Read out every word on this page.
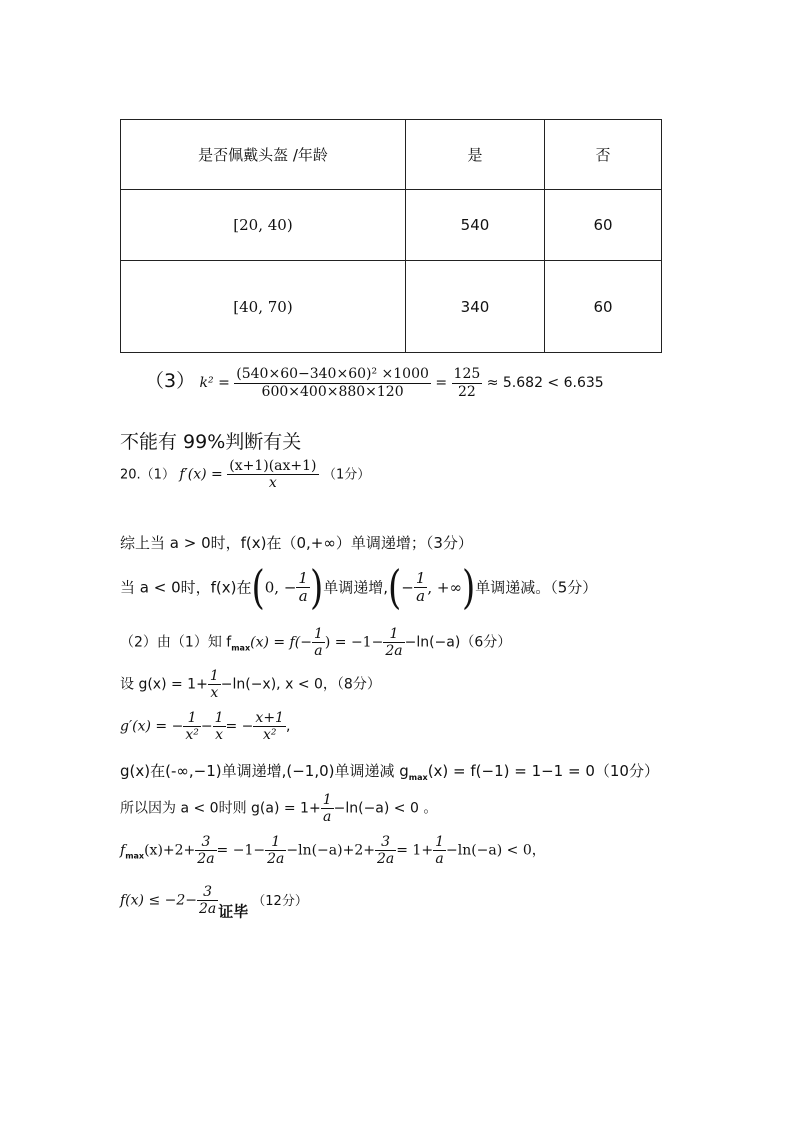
是否佩戴头盔 /年龄	是	否
[20, 40)	540	60
[40, 70)	340	60
（3） $k^2 = \frac{\text{(540×60−340×60)² ×1000}}{600\times 400\times 880\times 120} = \frac{125}{22} \approx 5.682 < 6.635$
不能有 99%判断有关
20.（1） $f'(x) = \frac{(x+1)(ax+1)}{x} (1$分）
综上当 a > 0时，f(x)在（0,+∞）单调递增；（3分）
当 a < 0时，f(x)在(0, − $\frac{1}{a}$ )单调递增,(− $\frac{1}{a}$ , +∞)单调递减。（5分）
（2）由（1）知 $f_{max}(x) = f(- \frac{1}{a}$ ) = $-1- \frac{1}{2a} -\ln(-a)(6$分）
设 $g(x) = 1+ \frac{1}{x} -\ln(-x)$, x < 0，（8分）
g′(x) = − $\frac{1}{\text{x²}} - \frac{1}{x}$ = − $\frac{x+1}{\text{x²}}$ ,
g(x)在(-∞,−1)单调递增,(−1,0)单调递减 $g_{max}(x) = f(-1) = 1-1 = 0(10$分）
所以因为 a < 0时则 $g(a) = 1+ \frac{1}{a} -\ln(-a) < 0$ 。
$f_{max}(x)+2+ \frac{3}{2a} = -1- \frac{1}{2a} -\ln(-a)+2+ \frac{3}{2a} = 1+ \frac{1}{a} -\ln(-a) < 0$，
$f(x) \le -2- \frac{3}{2a}$ 证毕（12分）
